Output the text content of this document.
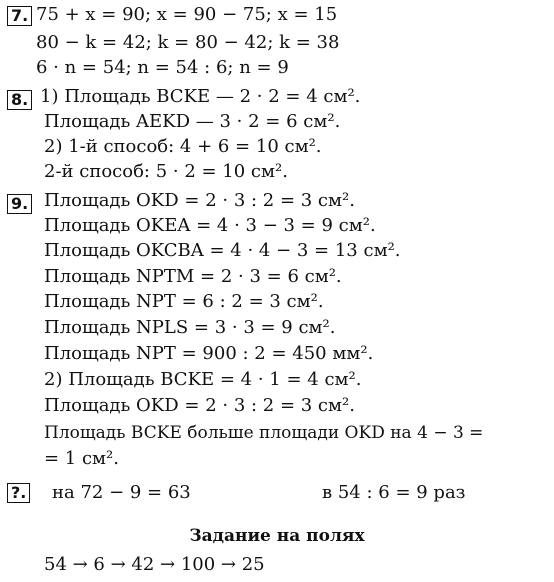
7. 75 + x = 90; x = 90 − 75; x = 15
80 − k = 42; k = 80 − 42; k = 38
6 · n = 54; n = 54 : 6; n = 9
8. 1) Площадь BCKE — 2 · 2 = 4 см².
Площадь AEKD — 3 · 2 = 6 см².
2) 1-й способ: 4 + 6 = 10 см².
2-й способ: 5 · 2 = 10 см².
9. Площадь OKD = 2 · 3 : 2 = 3 см².
Площадь OKEA = 4 · 3 − 3 = 9 см².
Площадь OKCBA = 4 · 4 − 3 = 13 см².
Площадь NPTM = 2 · 3 = 6 см².
Площадь NPT = 6 : 2 = 3 см².
Площадь NPLS = 3 · 3 = 9 см².
Площадь NPT = 900 : 2 = 450 мм².
2) Площадь BCKE = 4 · 1 = 4 см².
Площадь OKD = 2 · 3 : 2 = 3 см².
Площадь BCKE больше площади OKD на 4 − 3 =
= 1 см².
?. на 72 − 9 = 63	в 54 : 6 = 9 раз
Задание на полях
54 → 6 → 42 → 100 → 25
